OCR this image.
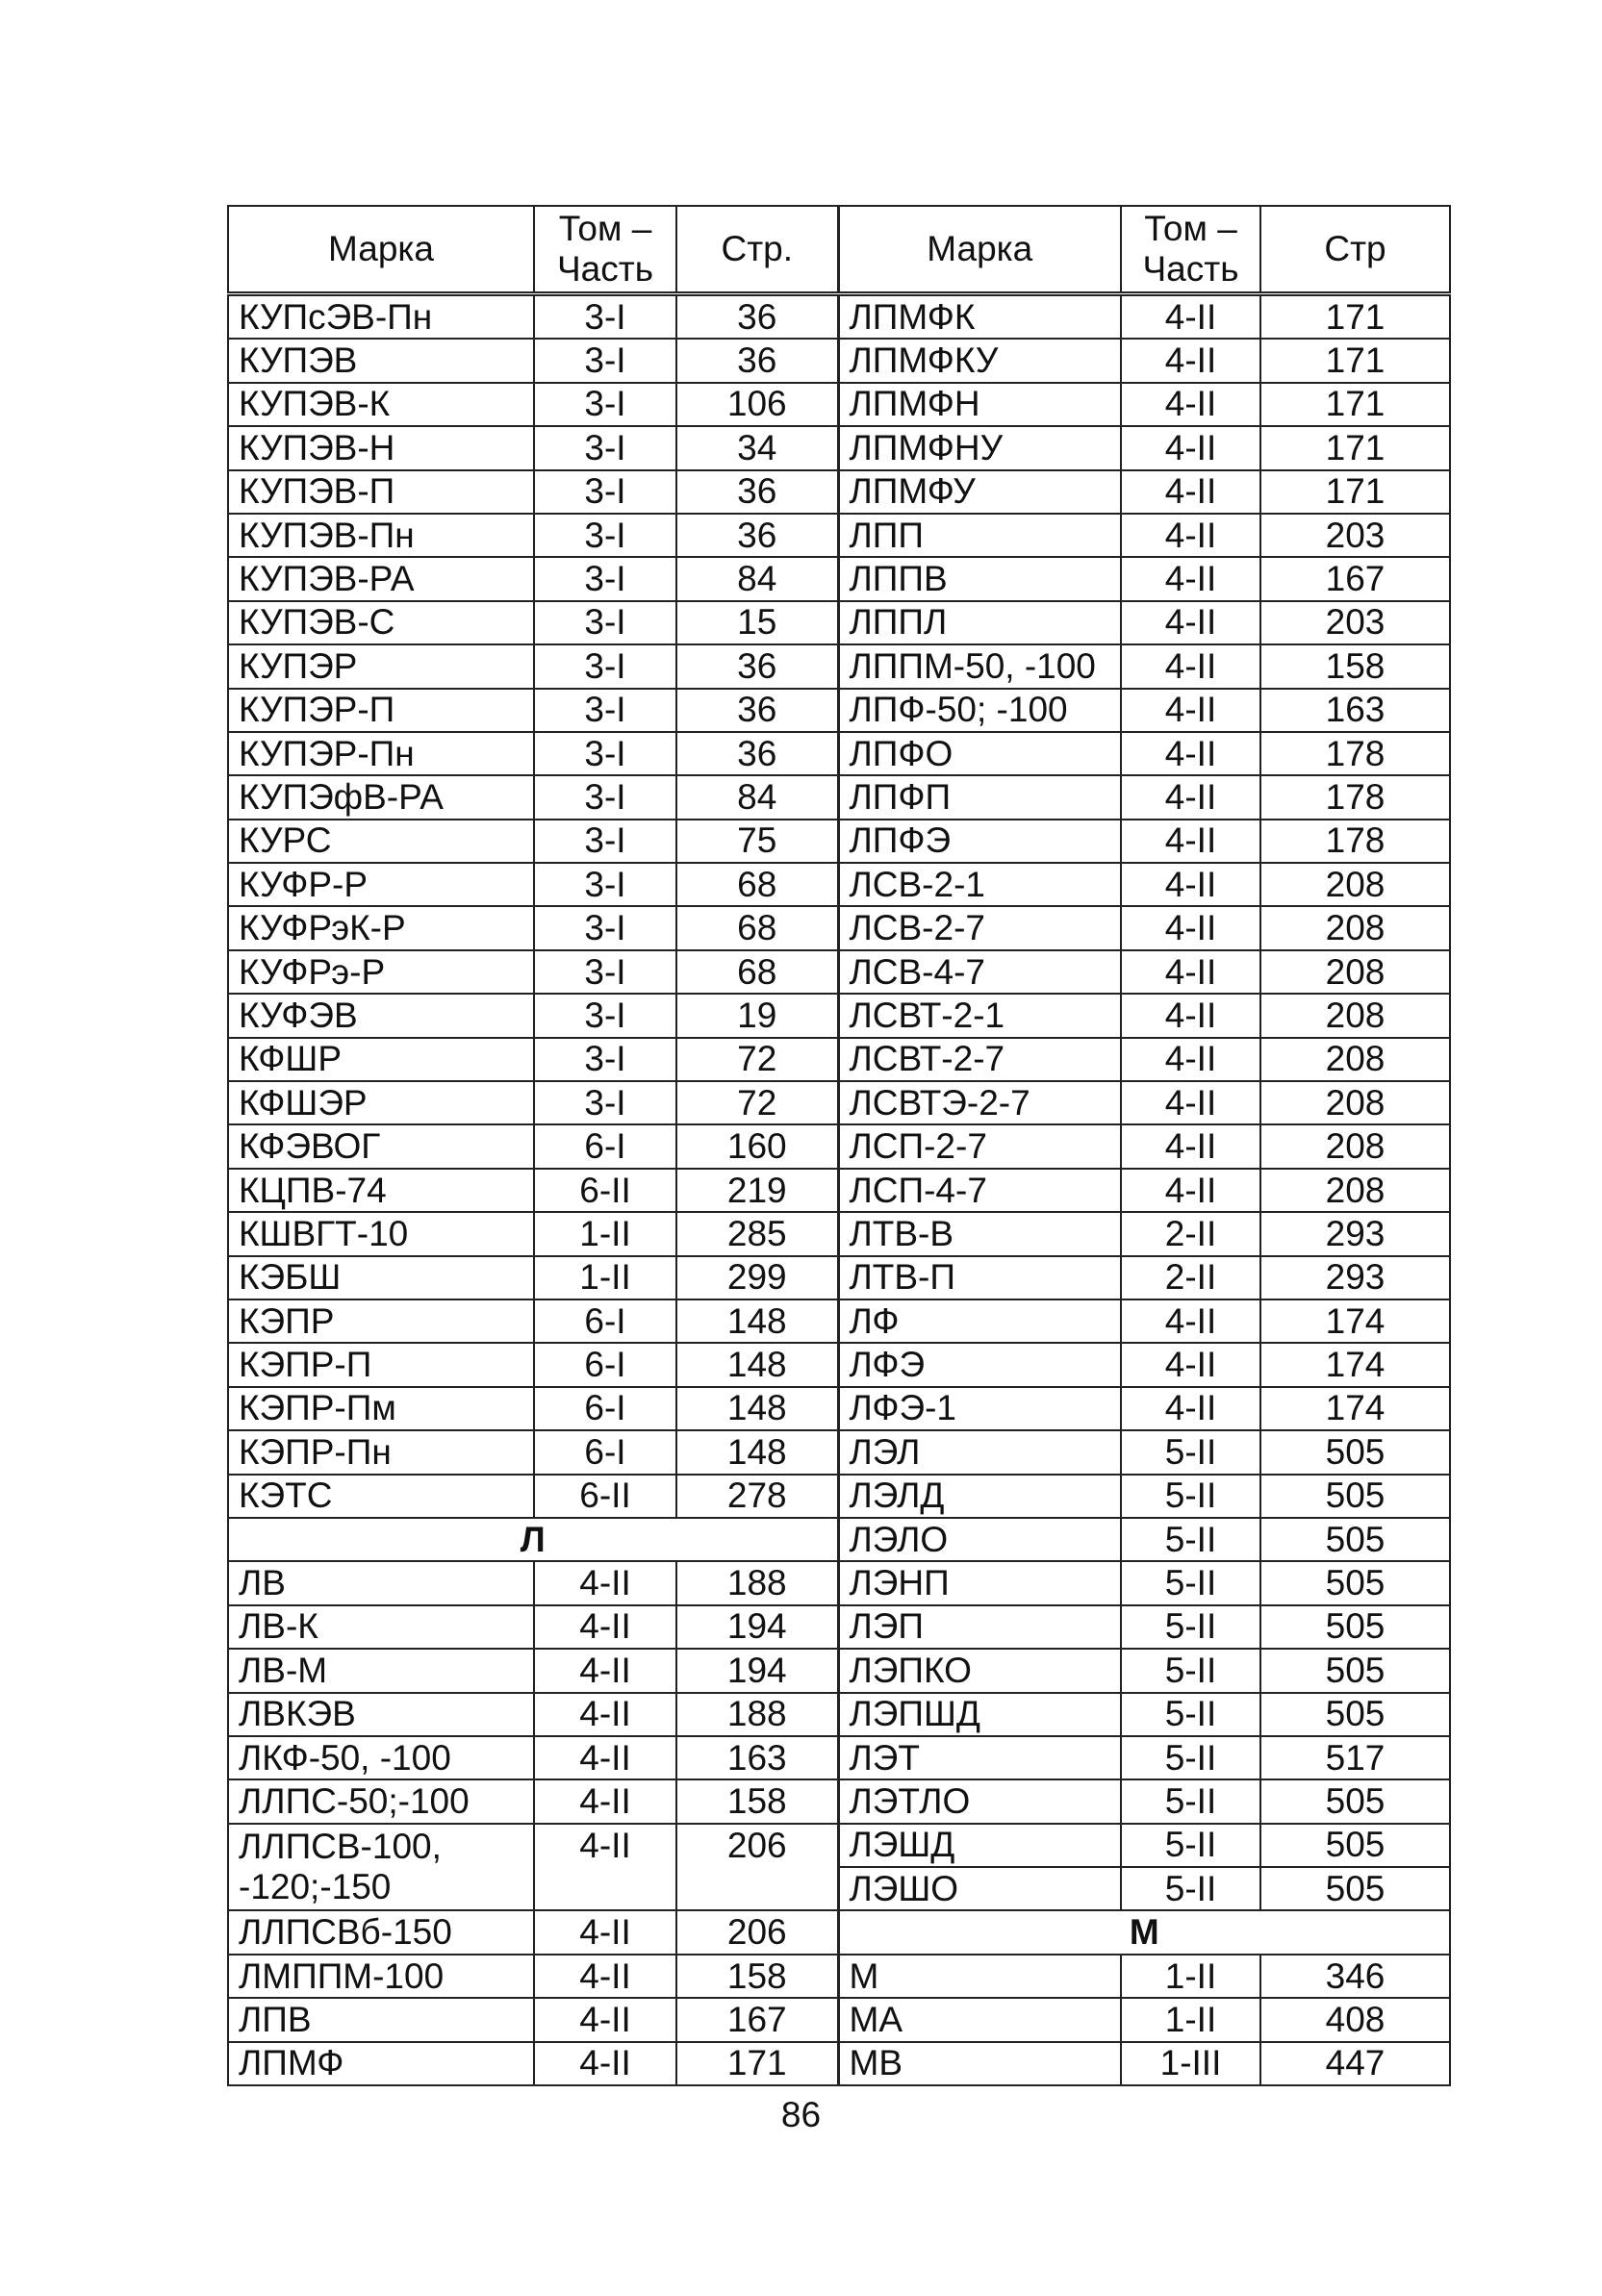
Марка	Том – Часть	Стр.	Марка	Том – Часть	Стр
КУПсЭВ-Пн	3-I	36	ЛПМФК	4-II	171
КУПЭВ	3-I	36	ЛПМФКУ	4-II	171
КУПЭВ-К	3-I	106	ЛПМФН	4-II	171
КУПЭВ-Н	3-I	34	ЛПМФНУ	4-II	171
КУПЭВ-П	3-I	36	ЛПМФУ	4-II	171
КУПЭВ-Пн	3-I	36	ЛПП	4-II	203
КУПЭВ-РА	3-I	84	ЛППВ	4-II	167
КУПЭВ-С	3-I	15	ЛППЛ	4-II	203
КУПЭР	3-I	36	ЛППМ-50, -100	4-II	158
КУПЭР-П	3-I	36	ЛПФ-50; -100	4-II	163
КУПЭР-Пн	3-I	36	ЛПФО	4-II	178
КУПЭфВ-РА	3-I	84	ЛПФП	4-II	178
КУРС	3-I	75	ЛПФЭ	4-II	178
КУФР-Р	3-I	68	ЛСВ-2-1	4-II	208
КУФРэК-Р	3-I	68	ЛСВ-2-7	4-II	208
КУФРэ-Р	3-I	68	ЛСВ-4-7	4-II	208
КУФЭВ	3-I	19	ЛСВТ-2-1	4-II	208
КФШР	3-I	72	ЛСВТ-2-7	4-II	208
КФШЭР	3-I	72	ЛСВТЭ-2-7	4-II	208
КФЭВОГ	6-I	160	ЛСП-2-7	4-II	208
КЦПВ-74	6-II	219	ЛСП-4-7	4-II	208
КШВГТ-10	1-II	285	ЛТВ-В	2-II	293
КЭБШ	1-II	299	ЛТВ-П	2-II	293
КЭПР	6-I	148	ЛФ	4-II	174
КЭПР-П	6-I	148	ЛФЭ	4-II	174
КЭПР-Пм	6-I	148	ЛФЭ-1	4-II	174
КЭПР-Пн	6-I	148	ЛЭЛ	5-II	505
КЭТС	6-II	278	ЛЭЛД	5-II	505
Л			ЛЭЛО	5-II	505
ЛВ	4-II	188	ЛЭНП	5-II	505
ЛВ-К	4-II	194	ЛЭП	5-II	505
ЛВ-М	4-II	194	ЛЭПКО	5-II	505
ЛВКЭВ	4-II	188	ЛЭПШД	5-II	505
ЛКФ-50, -100	4-II	163	ЛЭТ	5-II	517
ЛЛПС-50;-100	4-II	158	ЛЭТЛО	5-II	505
ЛЛПСВ-100, -120;-150	4-II	206	ЛЭШД	5-II	505
			ЛЭШО	5-II	505
ЛЛПСВб-150	4-II	206	М		
ЛМППМ-100	4-II	158	М	1-II	346
ЛПВ	4-II	167	МА	1-II	408
ЛПМФ	4-II	171	МВ	1-III	447
86
